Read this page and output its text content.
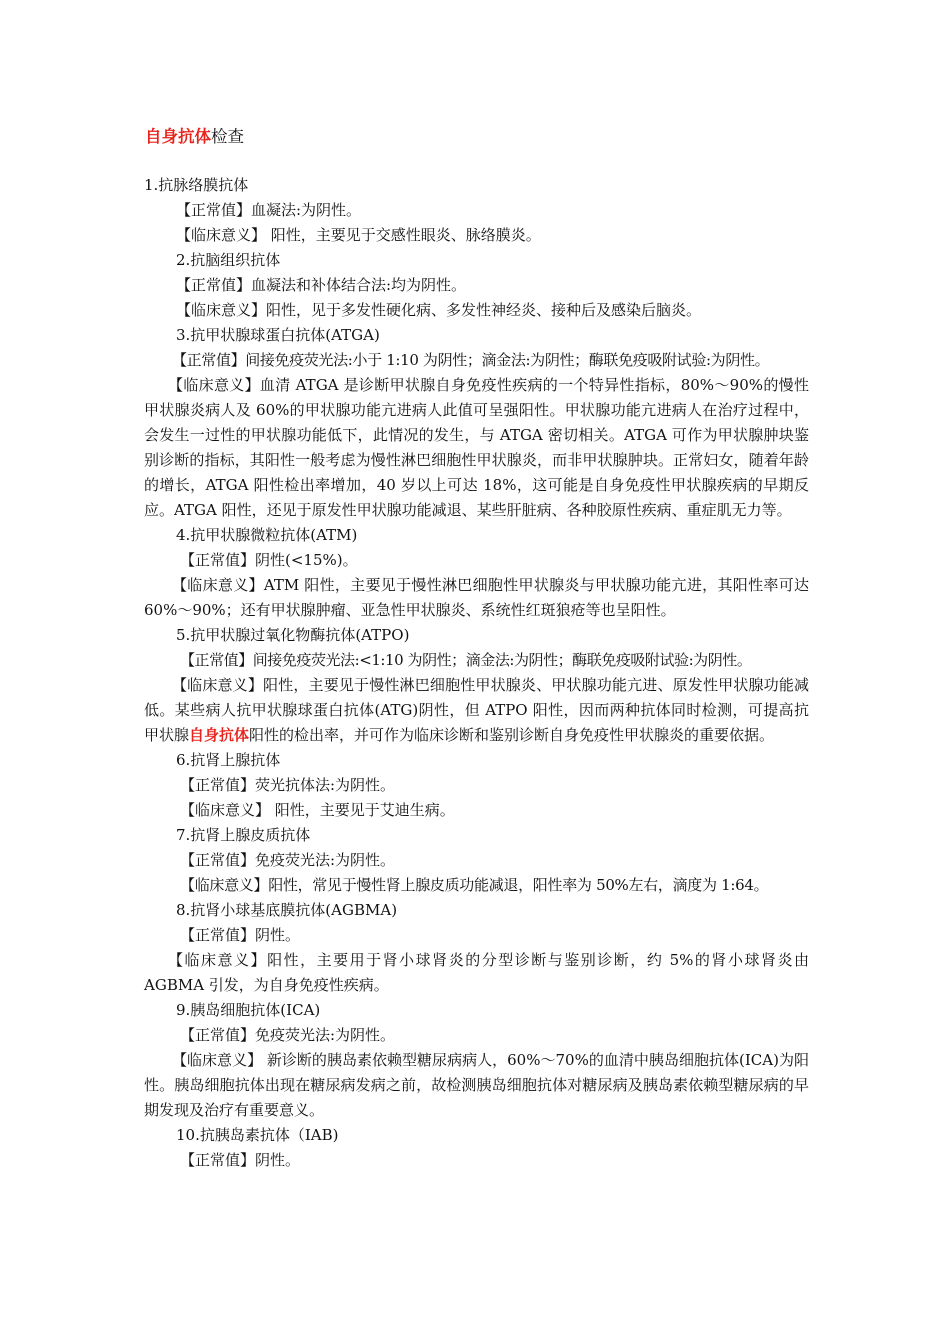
自身抗体检查
1.抗脉络膜抗体
【正常值】血凝法:为阴性。
【临床意义】 阳性，主要见于交感性眼炎、脉络膜炎。
2.抗脑组织抗体
【正常值】血凝法和补体结合法:均为阴性。
【临床意义】阳性，见于多发性硬化病、多发性神经炎、接种后及感染后脑炎。
3.抗甲状腺球蛋白抗体(ATGA)
【正常值】间接免疫荧光法:小于 1:10 为阴性；滴金法:为阴性；酶联免疫吸附试验:为阴性。
【临床意义】血清 ATGA 是诊断甲状腺自身免疫性疾病的一个特异性指标，80%～90%的慢性甲状腺炎病人及 60%的甲状腺功能亢进病人此值可呈强阳性。甲状腺功能亢进病人在治疗过程中，会发生一过性的甲状腺功能低下，此情况的发生，与 ATGA 密切相关。ATGA 可作为甲状腺肿块鉴别诊断的指标，其阳性一般考虑为慢性淋巴细胞性甲状腺炎，而非甲状腺肿块。正常妇女，随着年龄的增长，ATGA 阳性检出率增加，40 岁以上可达 18%，这可能是自身免疫性甲状腺疾病的早期反应。ATGA 阳性，还见于原发性甲状腺功能减退、某些肝脏病、各种胶原性疾病、重症肌无力等。
4.抗甲状腺微粒抗体(ATM)
【正常值】阴性(<15%)。
【临床意义】ATM 阳性，主要见于慢性淋巴细胞性甲状腺炎与甲状腺功能亢进，其阳性率可达 60%～90%；还有甲状腺肿瘤、亚急性甲状腺炎、系统性红斑狼疮等也呈阳性。
5.抗甲状腺过氧化物酶抗体(ATPO)
【正常值】间接免疫荧光法:<1:10 为阴性；滴金法:为阴性；酶联免疫吸附试验:为阴性。
【临床意义】阳性，主要见于慢性淋巴细胞性甲状腺炎、甲状腺功能亢进、原发性甲状腺功能减低。某些病人抗甲状腺球蛋白抗体(ATG)阴性，但 ATPO 阳性，因而两种抗体同时检测，可提高抗甲状腺自身抗体阳性的检出率，并可作为临床诊断和鉴别诊断自身免疫性甲状腺炎的重要依据。
6.抗肾上腺抗体
【正常值】荧光抗体法:为阴性。
【临床意义】 阳性，主要见于艾迪生病。
7.抗肾上腺皮质抗体
【正常值】免疫荧光法:为阴性。
【临床意义】阳性，常见于慢性肾上腺皮质功能减退，阳性率为 50%左右，滴度为 1:64。
8.抗肾小球基底膜抗体(AGBMA)
【正常值】阴性。
【临床意义】阳性，主要用于肾小球肾炎的分型诊断与鉴别诊断，约 5%的肾小球肾炎由 AGBMA 引发，为自身免疫性疾病。
9.胰岛细胞抗体(ICA)
【正常值】免疫荧光法:为阴性。
【临床意义】 新诊断的胰岛素依赖型糖尿病病人，60%～70%的血清中胰岛细胞抗体(ICA)为阳性。胰岛细胞抗体出现在糖尿病发病之前，故检测胰岛细胞抗体对糖尿病及胰岛素依赖型糖尿病的早期发现及治疗有重要意义。
10.抗胰岛素抗体（IAB)
【正常值】阴性。
